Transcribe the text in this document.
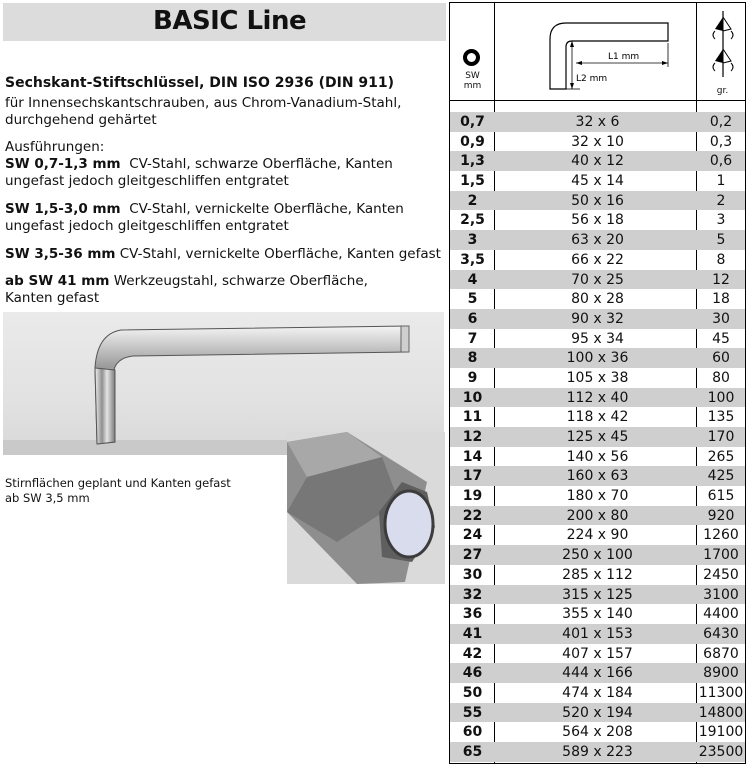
BASIC Line
Sechskant-Stiftschlüssel, DIN ISO 2936 (DIN 911)
für Innensechskantschrauben, aus Chrom-Vanadium-Stahl,
durchgehend gehärtet
Ausführungen:
SW 0,7-1,3 mm CV-Stahl, schwarze Oberfläche, Kanten
ungefast jedoch gleitgeschliffen entgratet
SW 1,5-3,0 mm CV-Stahl, vernickelte Oberfläche, Kanten
ungefast jedoch gleitgeschliffen entgratet
SW 3,5-36 mm CV-Stahl, vernickelte Oberfläche, Kanten gefast
ab SW 41 mm Werkzeugstahl, schwarze Oberfläche,
Kanten gefast
Stirnflächen geplant und Kanten gefast
ab SW 3,5 mm
SW
mm
L1 mm
L2 mm
gr.
0,7	32 x 6	0,2
0,9	32 x 10	0,3
1,3	40 x 12	0,6
1,5	45 x 14	1
2	50 x 16	2
2,5	56 x 18	3
3	63 x 20	5
3,5	66 x 22	8
4	70 x 25	12
5	80 x 28	18
6	90 x 32	30
7	95 x 34	45
8	100 x 36	60
9	105 x 38	80
10	112 x 40	100
11	118 x 42	135
12	125 x 45	170
14	140 x 56	265
17	160 x 63	425
19	180 x 70	615
22	200 x 80	920
24	224 x 90	1260
27	250 x 100	1700
30	285 x 112	2450
32	315 x 125	3100
36	355 x 140	4400
41	401 x 153	6430
42	407 x 157	6870
46	444 x 166	8900
50	474 x 184	11300
55	520 x 194	14800
60	564 x 208	19100
65	589 x 223	23500
